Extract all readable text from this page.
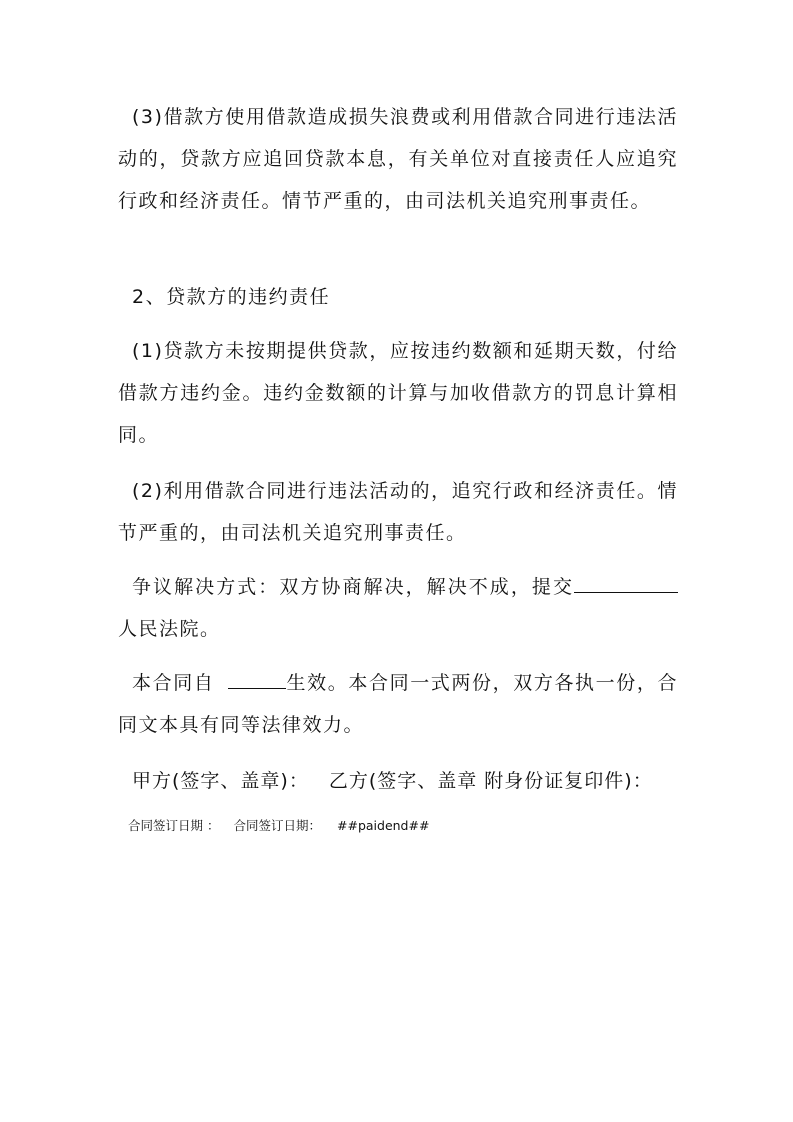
(3)借款方使用借款造成损失浪费或利用借款合同进行违法活动的，贷款方应追回贷款本息，有关单位对直接责任人应追究行政和经济责任。情节严重的，由司法机关追究刑事责任。
2、贷款方的违约责任
(1)贷款方未按期提供贷款，应按违约数额和延期天数，付给借款方违约金。违约金数额的计算与加收借款方的罚息计算相同。
(2)利用借款合同进行违法活动的，追究行政和经济责任。情节严重的，由司法机关追究刑事责任。
争议解决方式：双方协商解决，解决不成，提交人民法院。
本合同自	生效。本合同一式两份，双方各执一份，合同文本具有同等法律效力。
甲方(签字、盖章)： 乙方(签字、盖章 附身份证复印件)：
合同签订日期 ： 合同签订日期： ##paidend##
